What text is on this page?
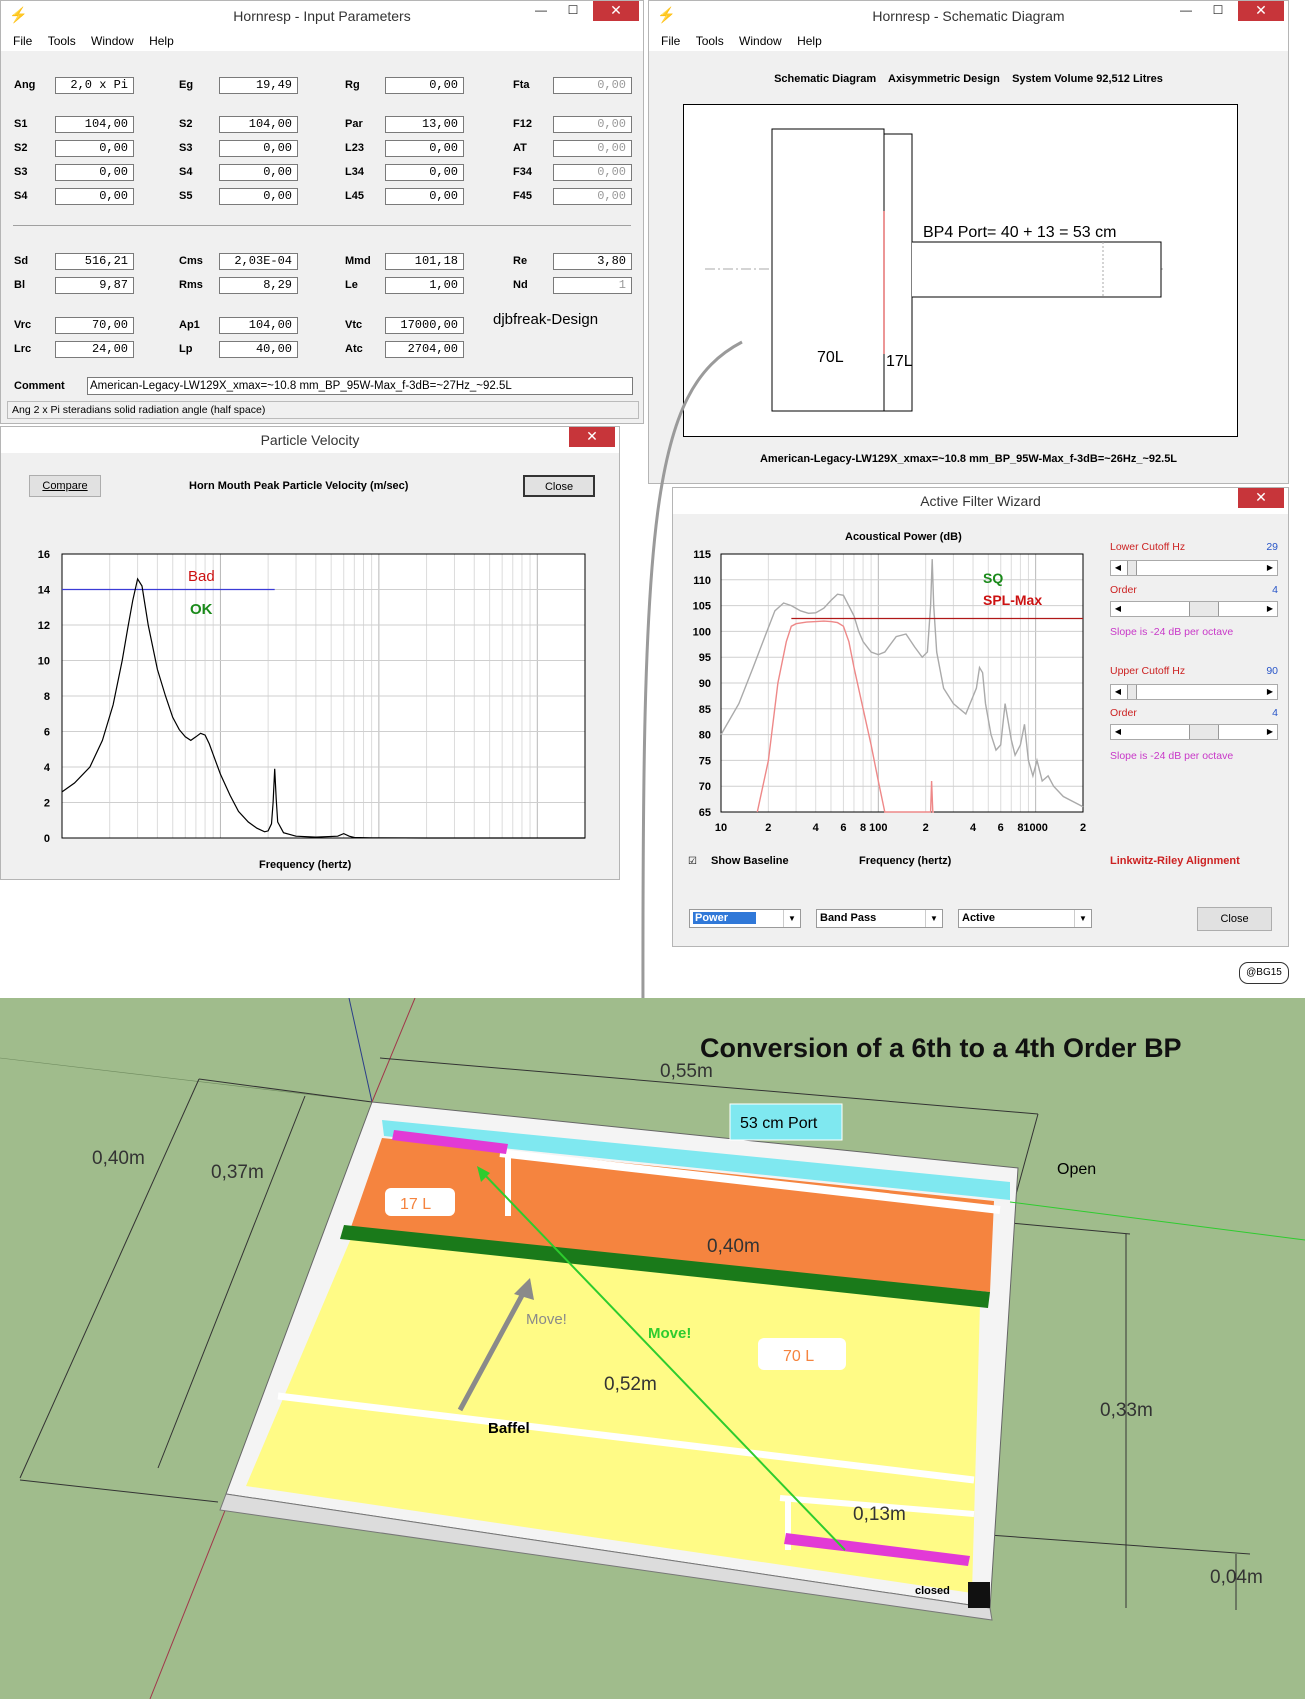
⚡	Hornresp - Input Parameters	—	☐	✕
File Tools Window Help
Ang	2,0 x Pi	Eg	19,49	Rg	0,00	Fta	0,00
S1	104,00	S2	104,00	Par	13,00	F12	0,00
S2	0,00	S3	0,00	L23	0,00	AT	0,00
S3	0,00	S4	0,00	L34	0,00	F34	0,00
S4	0,00	S5	0,00	L45	0,00	F45	0,00
Sd	516,21	Cms	2,03E-04	Mmd	101,18	Re	3,80
Bl	9,87	Rms	8,29	Le	1,00	Nd	1
Vrc	70,00	Ap1	104,00	Vtc	17000,00
Lrc	24,00	Lp	40,00	Atc	2704,00
djbfreak-Design
Comment American-Legacy-LW129X_xmax=~10.8 mm_BP_95W-Max_f-3dB=~27Hz_~92.5L
Ang 2 x Pi steradians solid radiation angle (half space)
⚡	Hornresp - Schematic Diagram	—	☐	✕
File Tools Window Help
Schematic Diagram    Axisymmetric Design    System Volume 92,512 Litres
BP4 Port= 40 + 13 = 53 cm
70L	17L
American-Legacy-LW129X_xmax=~10.8 mm_BP_95W-Max_f-3dB=~26Hz_~92.5L
Particle Velocity	✕
Compare	Horn Mouth Peak Particle Velocity (m/sec)	Close
0
2
4
6
8
10
12
14
16
Bad
OK
Frequency (hertz)
Active Filter Wizard	✕
Acoustical Power (dB)
115
110
105
100
95
90
85
80
75
70
65
10	2	4 6 8 100	2	4 6 8 1000	2
SQ
SPL-Max
Frequency (hertz)
☑ Show Baseline
Lower Cutoff Hz	29
◀	▶
Order	4
◀	▶
Slope is -24 dB per octave
Upper Cutoff Hz	90
◀	▶
Order	4
◀	▶
Slope is -24 dB per octave
Linkwitz-Riley Alignment
Power	▼	Band Pass	▼	Active	▼	Close
@BG15
0,55m
0,40m
0,37m
0,40m
0,52m
0,13m
0,33m
0,04m
53 cm Port
Open
17 L
70 L
Move!
Move!
Baffel
closed
Conversion of a 6th to a 4th Order BP
